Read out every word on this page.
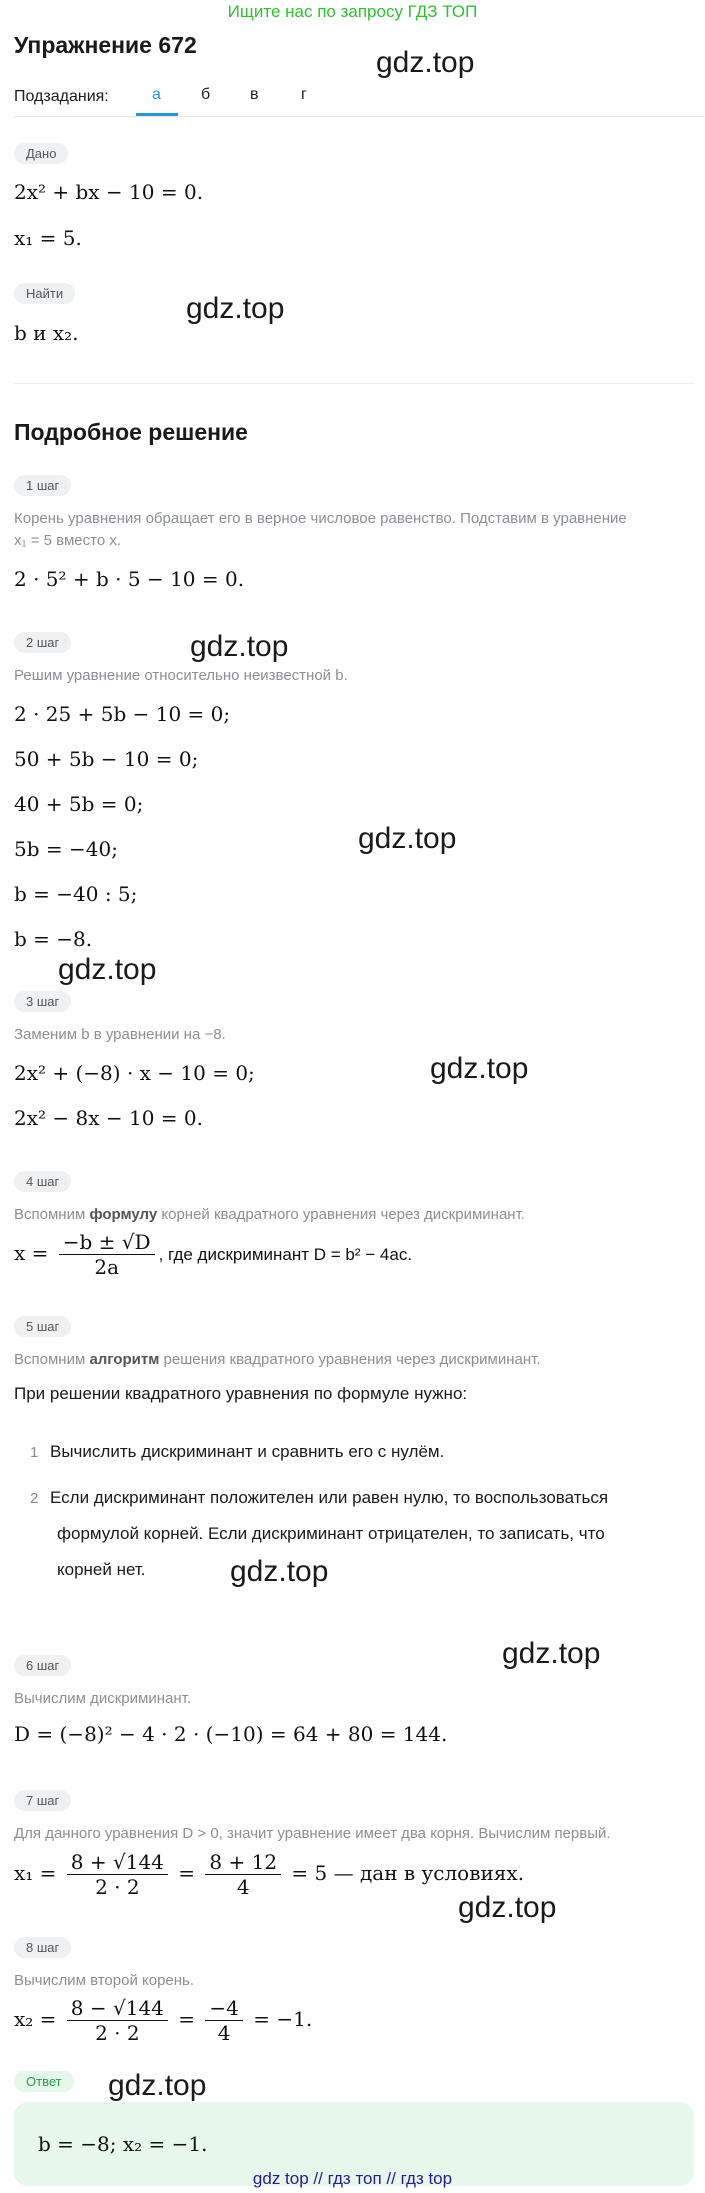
Ищите нас по запросу ГДЗ ТОП
Упражнение 672
Подзадания:	а	б в	г
Дано
2x² + bx − 10 = 0.
x₁ = 5.
Найти
b и x₂.
Подробное решение
1 шаг
Корень уравнения обращает его в верное числовое равенство. Подставим в уравнение
x₁ = 5 вместо x.
2 · 5² + b · 5 − 10 = 0.
2 шаг
Решим уравнение относительно неизвестной b.
2 · 25 + 5b − 10 = 0;
50 + 5b − 10 = 0;
40 + 5b = 0;
5b = −40;
b = −40 : 5;
b = −8.
3 шаг
Заменим b в уравнении на −8.
2x² + (−8) · x − 10 = 0;
2x² − 8x − 10 = 0.
4 шаг
Вспомним формулу корней квадратного уравнения через дискриминант.
$x = \frac{-b \pm √D}{2a}$ , где дискриминант D = b² − 4ac.
5 шаг
Вспомним алгоритм решения квадратного уравнения через дискриминант.
При решении квадратного уравнения по формуле нужно:
1 Вычислить дискриминант и сравнить его с нулём.
2 Если дискриминант положителен или равен нулю, то воспользоваться
формулой корней. Если дискриминант отрицателен, то записать, что
корней нет.
6 шаг
Вычислим дискриминант.
D = (−8)² − 4 · 2 · (−10) = 64 + 80 = 144.
7 шаг
Для данного уравнения D > 0, значит уравнение имеет два корня. Вычислим первый.
$x_1 = \frac{8 + √144}{2 \cdot 2} = \frac{8 + 12}{4} = 5$ — дан в условиях.
8 шаг
Вычислим второй корень.
$x_2 = \frac{8 - √144}{2 \cdot 2} = \frac{-4}{4} = -1$.
Ответ
b = −8; x₂ = −1.
gdz.top
gdz.top
gdz.top
gdz.top
gdz.top
gdz.top
gdz.top
gdz.top
gdz.top
gdz.top
gdz top // гдз топ // гдз top
